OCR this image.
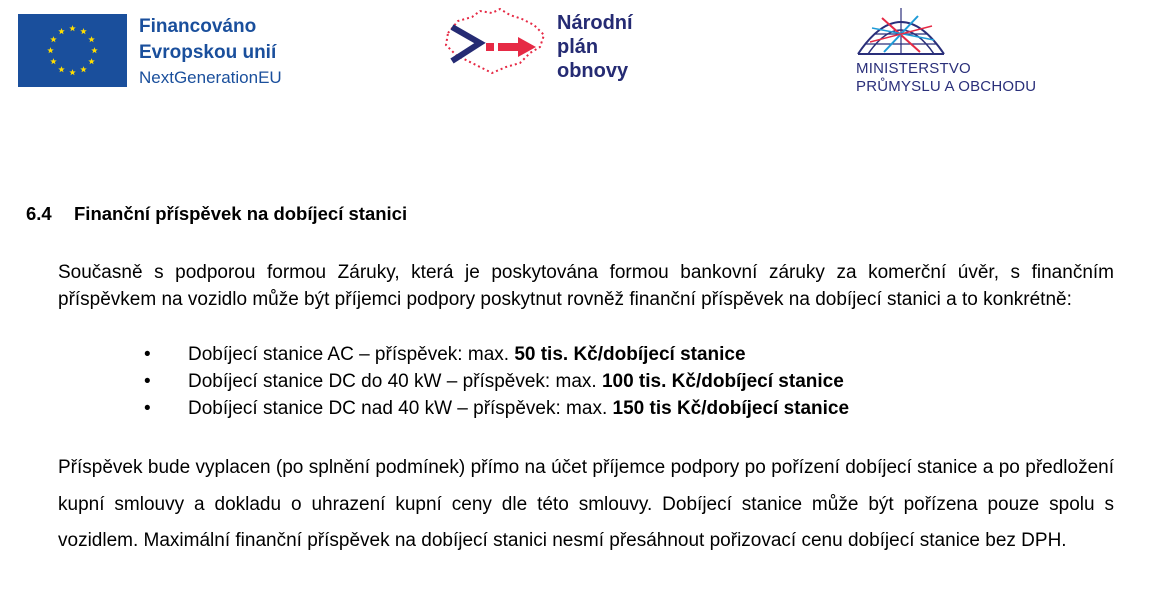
Financováno
Evropskou unií
NextGenerationEU
Národní
plán
obnovy	MINISTERSTVO
PRŮMYSLU A OBCHODU
6.4 Finanční příspěvek na dobíjecí stanici
Současně s podporou formou Záruky, která je poskytována formou bankovní záruky za komerční úvěr, s finančním příspěvkem na vozidlo může být příjemci podpory poskytnut rovněž finanční příspěvek na dobíjecí stanici a to konkrétně:
• Dobíjecí stanice AC – příspěvek: max. 50 tis. Kč/dobíjecí stanice
• Dobíjecí stanice DC do 40 kW – příspěvek: max. 100 tis. Kč/dobíjecí stanice
• Dobíjecí stanice DC nad 40 kW – příspěvek: max. 150 tis Kč/dobíjecí stanice
Příspěvek bude vyplacen (po splnění podmínek) přímo na účet příjemce podpory po pořízení dobíjecí stanice a po předložení kupní smlouvy a dokladu o uhrazení kupní ceny dle této smlouvy. Dobíjecí stanice může být pořízena pouze spolu s vozidlem. Maximální finanční příspěvek na dobíjecí stanici nesmí přesáhnout pořizovací cenu dobíjecí stanice bez DPH.
